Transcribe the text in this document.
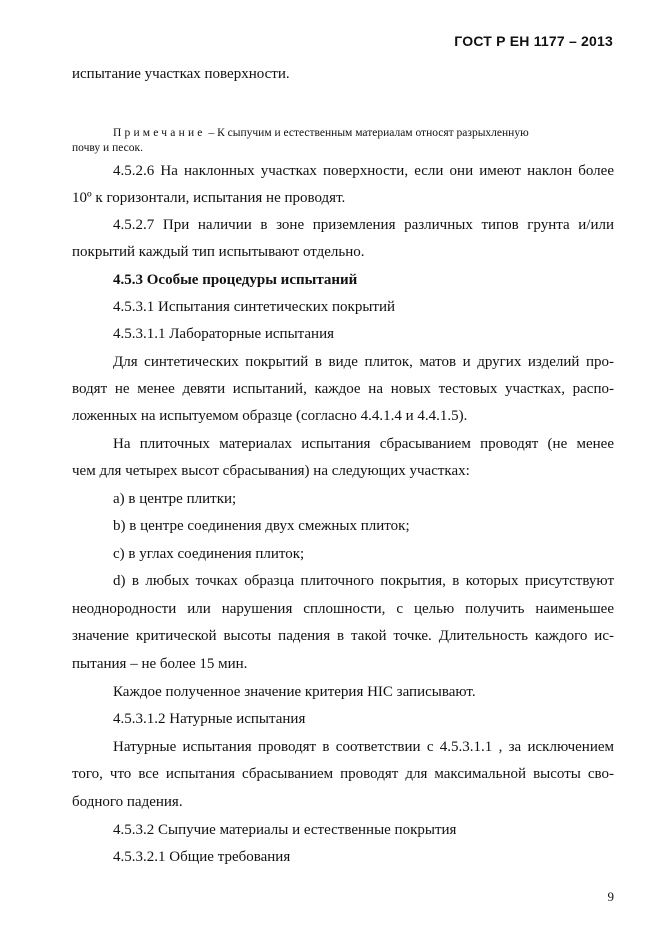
ГОСТ Р ЕН 1177 – 2013
испытание участках поверхности.
Примечание – К сыпучим и естественным материалам относят разрыхленную
почву и песок.
4.5.2.6 На наклонных участках поверхности, если они имеют наклон более
10º к горизонтали, испытания не проводят.
4.5.2.7 При наличии в зоне приземления различных типов грунта и/или
покрытий каждый тип испытывают отдельно.
4.5.3 Особые процедуры испытаний
4.5.3.1 Испытания синтетических покрытий
4.5.3.1.1 Лабораторные испытания
Для синтетических покрытий в виде плиток, матов и других изделий про-
водят не менее девяти испытаний, каждое на новых тестовых участках, распо-
ложенных на испытуемом образце (согласно 4.4.1.4 и 4.4.1.5).
На плиточных материалах испытания сбрасыванием проводят (не менее
чем для четырех высот сбрасывания) на следующих участках:
а) в центре плитки;
b) в центре соединения двух смежных плиток;
с) в углах соединения плиток;
d) в любых точках образца плиточного покрытия, в которых присутствуют
неоднородности или нарушения сплошности, с целью получить наименьшее
значение критической высоты падения в такой точке. Длительность каждого ис-
пытания – не более 15 мин.
Каждое полученное значение критерия HIC записывают.
4.5.3.1.2 Натурные испытания
Натурные испытания проводят в соответствии с 4.5.3.1.1 , за исключением
того, что все испытания сбрасыванием проводят для максимальной высоты сво-
бодного падения.
4.5.3.2 Сыпучие материалы и естественные покрытия
4.5.3.2.1 Общие требования
9
